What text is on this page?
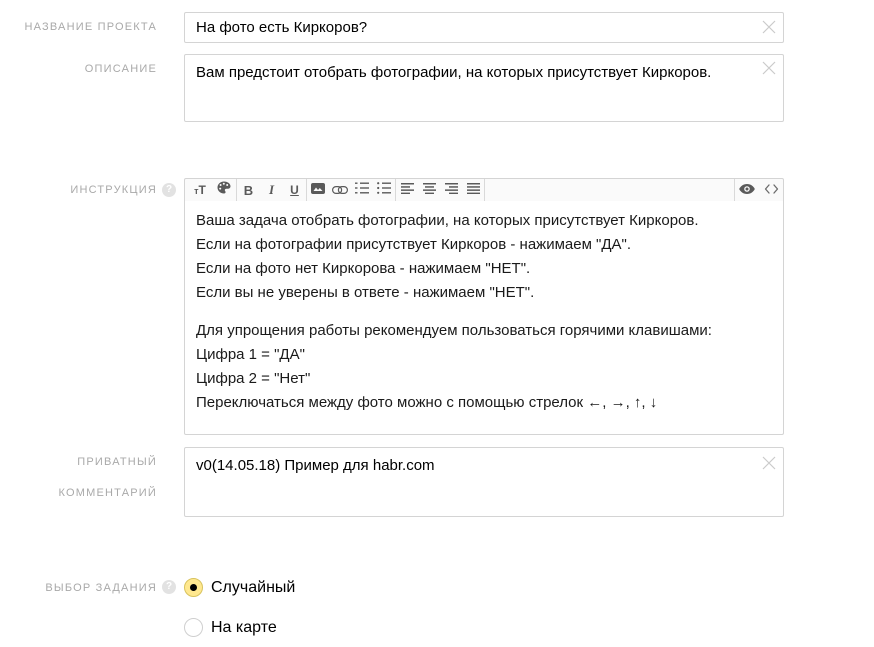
НАЗВАНИЕ ПРОЕКТА
На фото есть Киркоров?
ОПИСАНИЕ
Вам предстоит отобрать фотографии, на которых присутствует Киркоров.
ИНСТРУКЦИЯ ?	тТ	B I U
Ваша задача отобрать фотографии, на которых присутствует Киркоров.
Если на фотографии присутствует Киркоров - нажимаем "ДА".
Если на фото нет Киркорова - нажимаем "НЕТ".
Если вы не уверены в ответе - нажимаем "НЕТ".
Для упрощения работы рекомендуем пользоваться горячими клавишами:
Цифра 1 = "ДА"
Цифра 2 = "Нет"
Переключаться между фото можно с помощью стрелок ←, →, ↑, ↓
ПРИВАТНЫЙ
КОММЕНТАРИЙ
v0(14.05.18) Пример для habr.com
ВЫБОР ЗАДАНИЯ ? Случайный
На карте
